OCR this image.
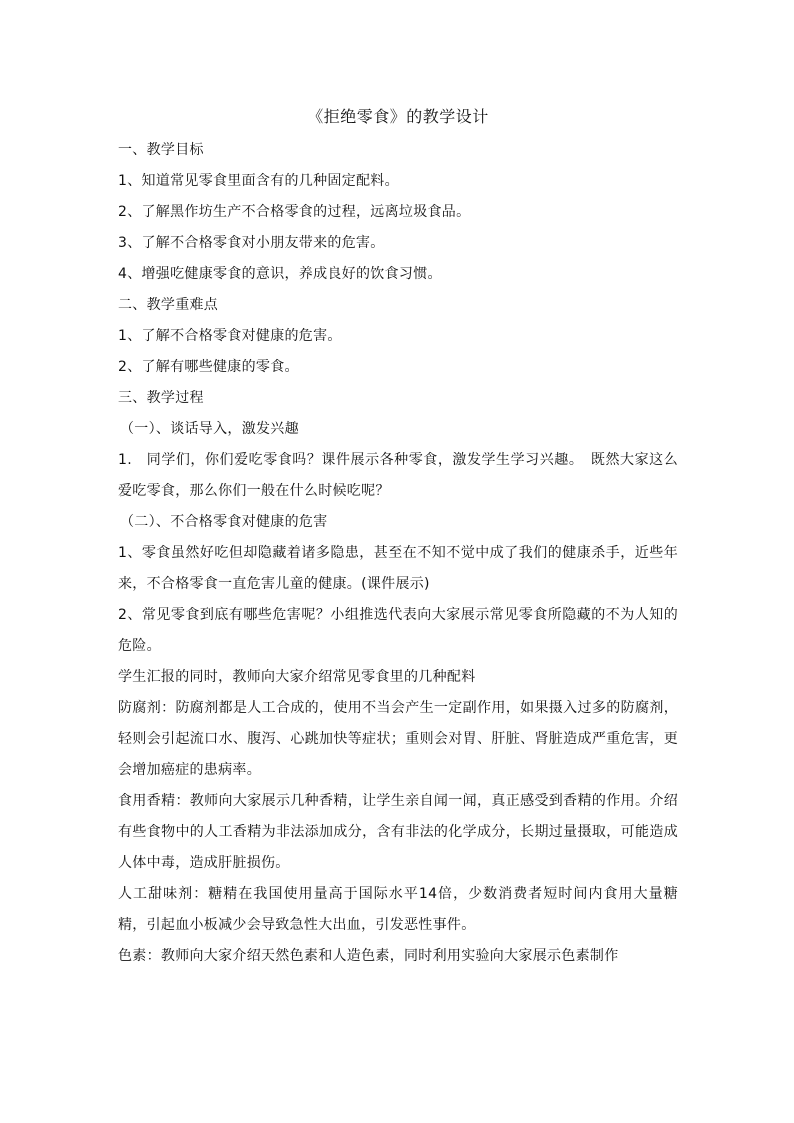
《拒绝零食》的教学设计

一、教学目标

1、知道常见零食里面含有的几种固定配料。

2、了解黑作坊生产不合格零食的过程，远离垃圾食品。

3、了解不合格零食对小朋友带来的危害。

4、增强吃健康零食的意识，养成良好的饮食习惯。

二、教学重难点

1、了解不合格零食对健康的危害。

2、了解有哪些健康的零食。

三、教学过程

（一）、谈话导入，激发兴趣

1.　同学们，你们爱吃零食吗？课件展示各种零食，激发学生学习兴趣。　既然大家这么爱吃零食，那么你们一般在什么时候吃呢？

（二）、不合格零食对健康的危害

1、零食虽然好吃但却隐藏着诸多隐患，甚至在不知不觉中成了我们的健康杀手，近些年来，不合格零食一直危害儿童的健康。(课件展示)

2、常见零食到底有哪些危害呢？小组推选代表向大家展示常见零食所隐藏的不为人知的危险。

学生汇报的同时，教师向大家介绍常见零食里的几种配料

防腐剂：防腐剂都是人工合成的，使用不当会产生一定副作用，如果摄入过多的防腐剂，轻则会引起流口水、腹泻、心跳加快等症状；重则会对胃、肝脏、肾脏造成严重危害，更会增加癌症的患病率。

食用香精：教师向大家展示几种香精，让学生亲自闻一闻，真正感受到香精的作用。介绍有些食物中的人工香精为非法添加成分，含有非法的化学成分，长期过量摄取，可能造成人体中毒，造成肝脏损伤。

人工甜味剂：糖精在我国使用量高于国际水平14倍，少数消费者短时间内食用大量糖精，引起血小板减少会导致急性大出血，引发恶性事件。

色素：教师向大家介绍天然色素和人造色素，同时利用实验向大家展示色素制作
